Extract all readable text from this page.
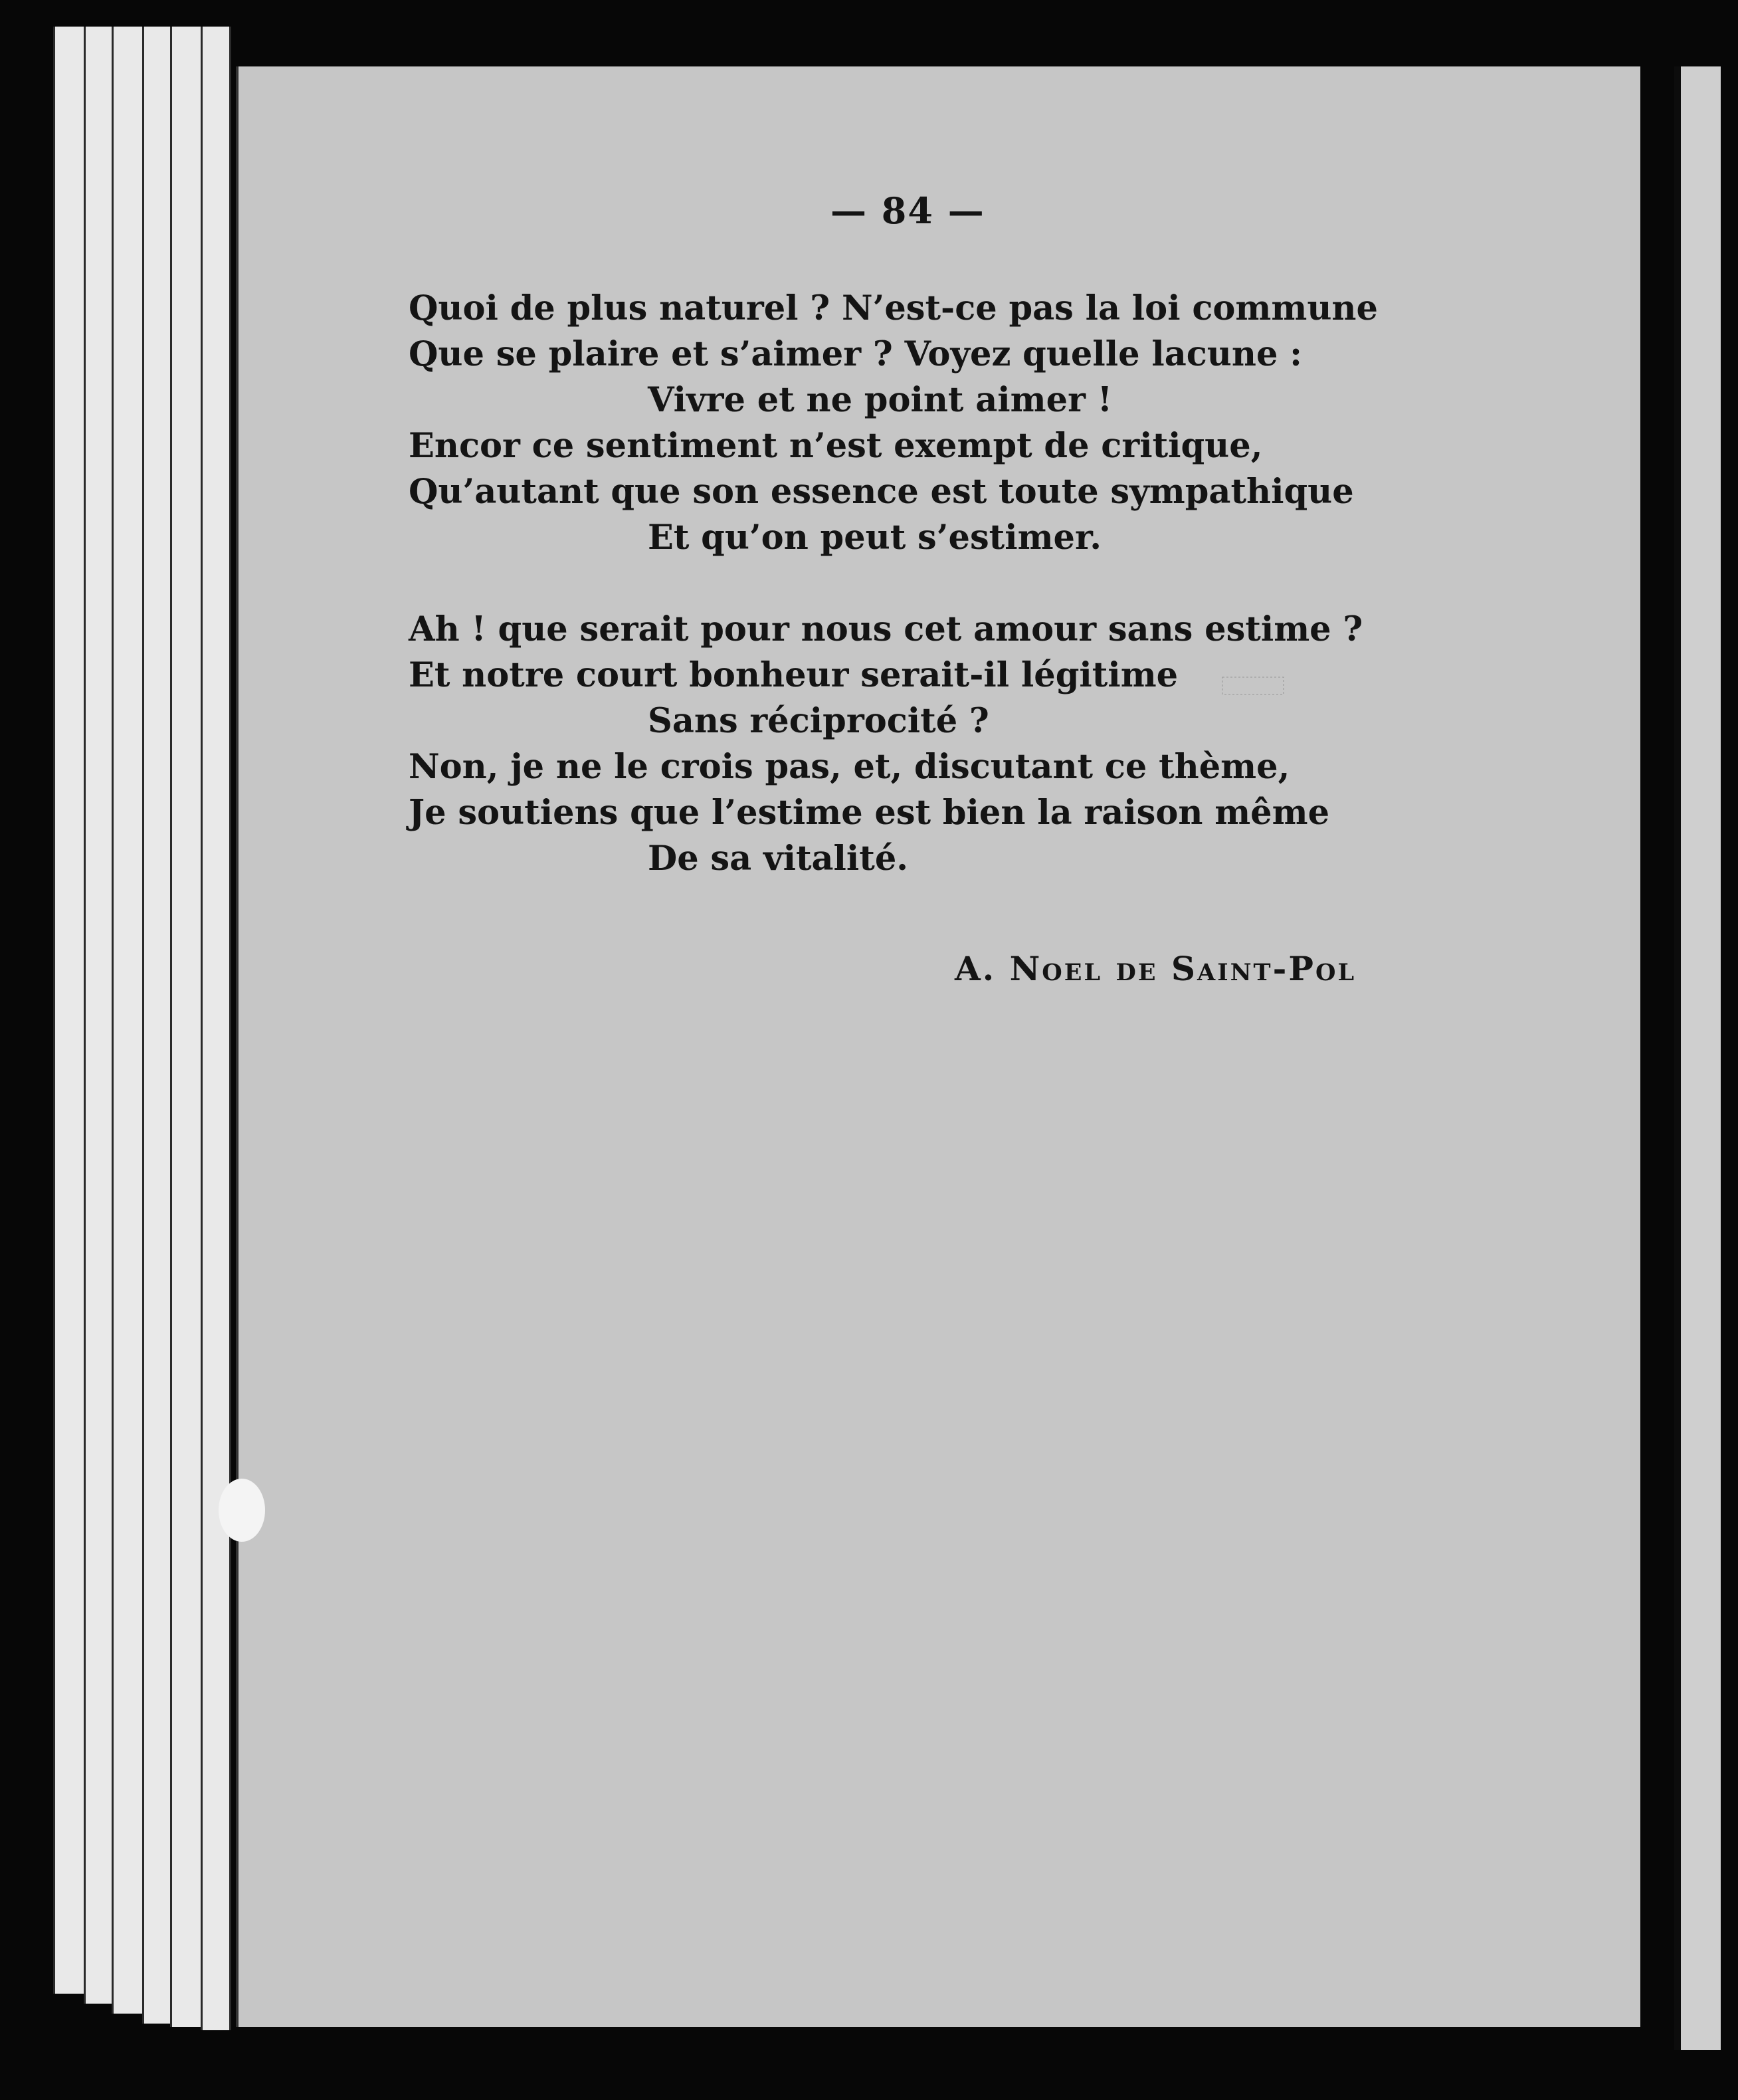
— 84 —
Quoi de plus naturel ? N’est-ce pas la loi commune
Que se plaire et s’aimer ? Voyez quelle lacune :
Vivre et ne point aimer !
Encor ce sentiment n’est exempt de critique,
Qu’autant que son essence est toute sympathique
Et qu’on peut s’estimer.
Ah ! que serait pour nous cet amour sans estime ?
Et notre court bonheur serait-il légitime
Sans réciprocité ?
Non, je ne le crois pas, et, discutant ce thème,
Je soutiens que l’estime est bien la raison même
De sa vitalité.
A. Noel de Saint-Pol
